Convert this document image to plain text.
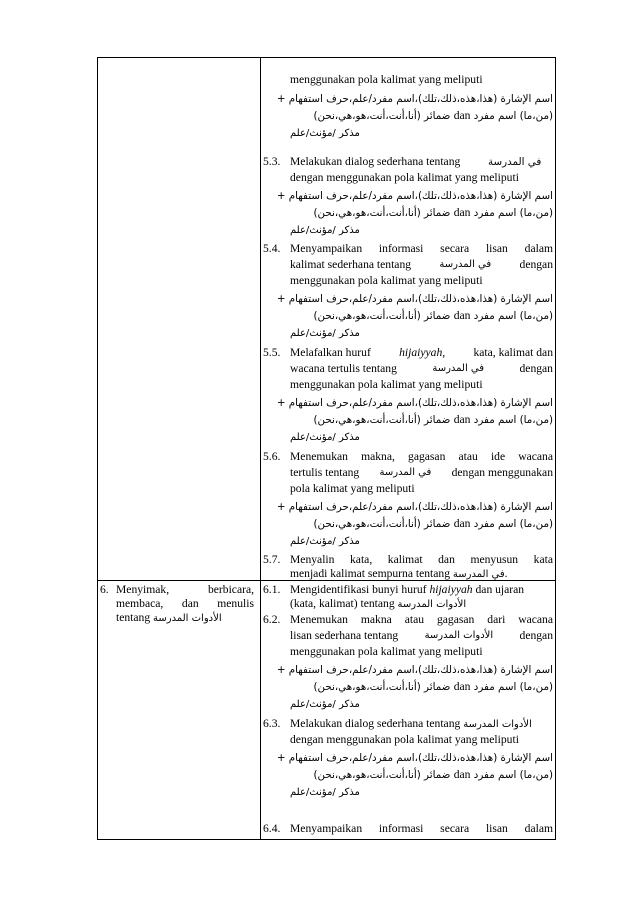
menggunakan pola kalimat yang meliputi
اسم الإشارة (هذا،هذه،ذلك،تلك)،اسم مفرد/علم،حرف استفهام +
(من،ما) اسم مفرد dan ضمائر (أنا،أنت،أنت،هو،هي،نحن)
مذكر /مؤنث/علم
5.3. Melakukan dialog sederhana tentang	في المدرسة
dengan menggunakan pola kalimat yang meliputi
اسم الإشارة (هذا،هذه،ذلك،تلك)،اسم مفرد/علم،حرف استفهام +
(من،ما) اسم مفرد dan ضمائر (أنا،أنت،أنت،هو،هي،نحن)
مذكر /مؤنث/علم
5.4. Menyampaikan informasi secara lisan dalam
kalimat sederhana tentang	في المدرسة dengan
menggunakan pola kalimat yang meliputi
اسم الإشارة (هذا،هذه،ذلك،تلك)،اسم مفرد/علم،حرف استفهام +
(من،ما) اسم مفرد dan ضمائر (أنا،أنت،أنت،هو،هي،نحن)
مذكر /مؤنث/علم
5.5. Melafalkan huruf hijaiyyah, kata, kalimat dan
wacana tertulis tentang	في المدرسة	dengan
menggunakan pola kalimat yang meliputi
اسم الإشارة (هذا،هذه،ذلك،تلك)،اسم مفرد/علم،حرف استفهام +
(من،ما) اسم مفرد dan ضمائر (أنا،أنت،أنت،هو،هي،نحن)
مذكر /مؤنث/علم
5.6. Menemukan makna, gagasan atau ide wacana
tertulis tentang في المدرسة dengan menggunakan
pola kalimat yang meliputi
اسم الإشارة (هذا،هذه،ذلك،تلك)،اسم مفرد/علم،حرف استفهام +
(من،ما) اسم مفرد dan ضمائر (أنا،أنت،أنت،هو،هي،نحن)
مذكر /مؤنث/علم
5.7. Menyalin kata, kalimat dan menyusun kata
menjadi kalimat sempurna tentang في المدرسة.
6. Menyimak, berbicara,
membaca, dan menulis
tentang الأدوات المدرسة
6.1. Mengidentifikasi bunyi huruf hijaiyyah dan ujaran
(kata, kalimat) tentang الأدوات المدرسة
6.2. Menemukan makna atau gagasan dari wacana
lisan sederhana tentang	الأدوات المدرسة dengan
menggunakan pola kalimat yang meliputi
اسم الإشارة (هذا،هذه،ذلك،تلك)،اسم مفرد/علم،حرف استفهام +
(من،ما) اسم مفرد dan ضمائر (أنا،أنت،أنت،هو،هي،نحن)
مذكر /مؤنث/علم
6.3. Melakukan dialog sederhana tentang الأدوات المدرسة
dengan menggunakan pola kalimat yang meliputi
اسم الإشارة (هذا،هذه،ذلك،تلك)،اسم مفرد/علم،حرف استفهام +
(من،ما) اسم مفرد dan ضمائر (أنا،أنت،أنت،هو،هي،نحن)
مذكر /مؤنث/علم
6.4. Menyampaikan informasi secara lisan dalam
